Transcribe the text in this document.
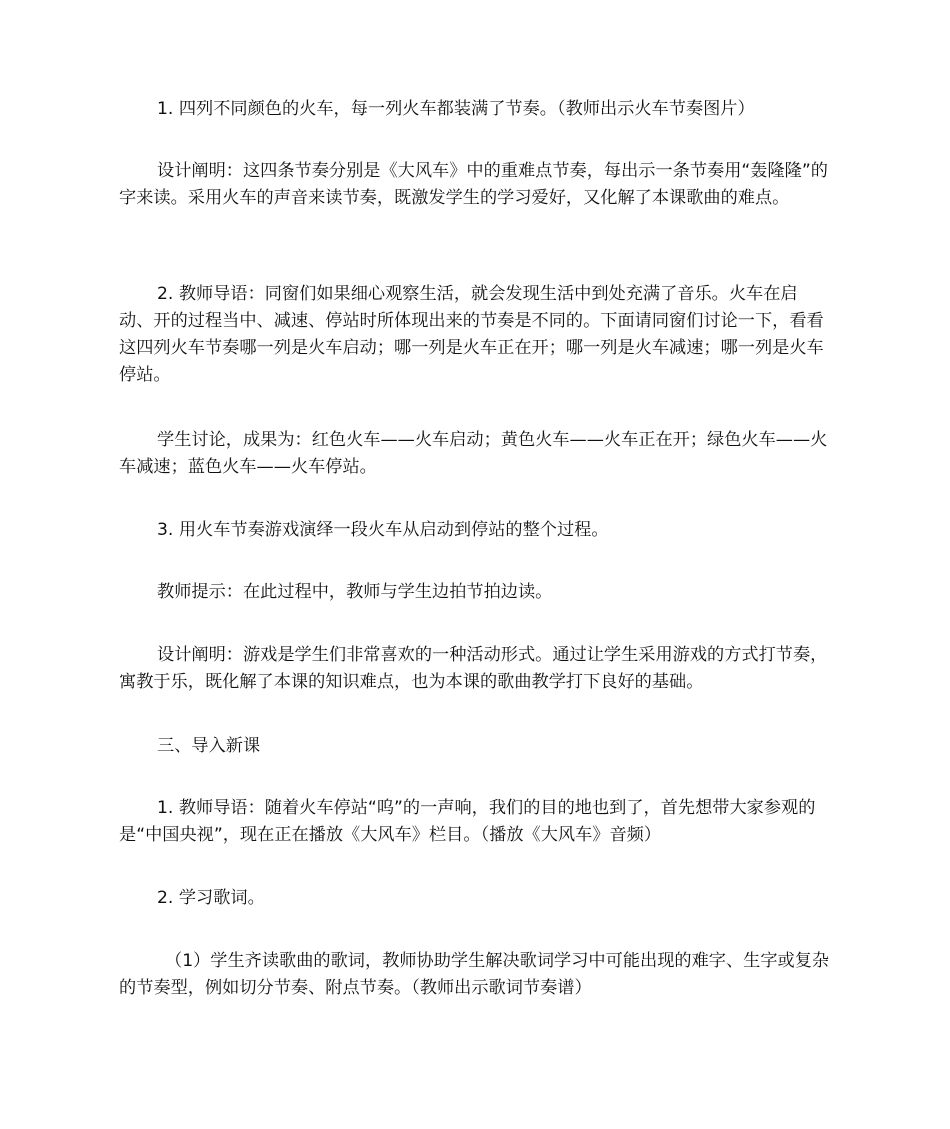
1. 四列不同颜色的火车，每一列火车都装满了节奏。（教师出示火车节奏图片）

设计阐明：这四条节奏分别是《大风车》中的重难点节奏，每出示一条节奏用“轰隆隆”的字来读。采用火车的声音来读节奏，既激发学生的学习爱好，又化解了本课歌曲的难点。

2. 教师导语：同窗们如果细心观察生活，就会发现生活中到处充满了音乐。火车在启动、开的过程当中、减速、停站时所体现出来的节奏是不同的。下面请同窗们讨论一下，看看这四列火车节奏哪一列是火车启动；哪一列是火车正在开；哪一列是火车减速；哪一列是火车停站。

学生讨论，成果为：红色火车——火车启动；黄色火车——火车正在开；绿色火车——火车减速；蓝色火车——火车停站。

3. 用火车节奏游戏演绎一段火车从启动到停站的整个过程。

教师提示：在此过程中，教师与学生边拍节拍边读。

设计阐明：游戏是学生们非常喜欢的一种活动形式。通过让学生采用游戏的方式打节奏，寓教于乐，既化解了本课的知识难点，也为本课的歌曲教学打下良好的基础。

三、导入新课

1. 教师导语：随着火车停站“呜”的一声响，我们的目的地也到了，首先想带大家参观的是“中国央视”，现在正在播放《大风车》栏目。（播放《大风车》音频）

2. 学习歌词。

（1）学生齐读歌曲的歌词，教师协助学生解决歌词学习中可能出现的难字、生字或复杂的节奏型，例如切分节奏、附点节奏。（教师出示歌词节奏谱）
